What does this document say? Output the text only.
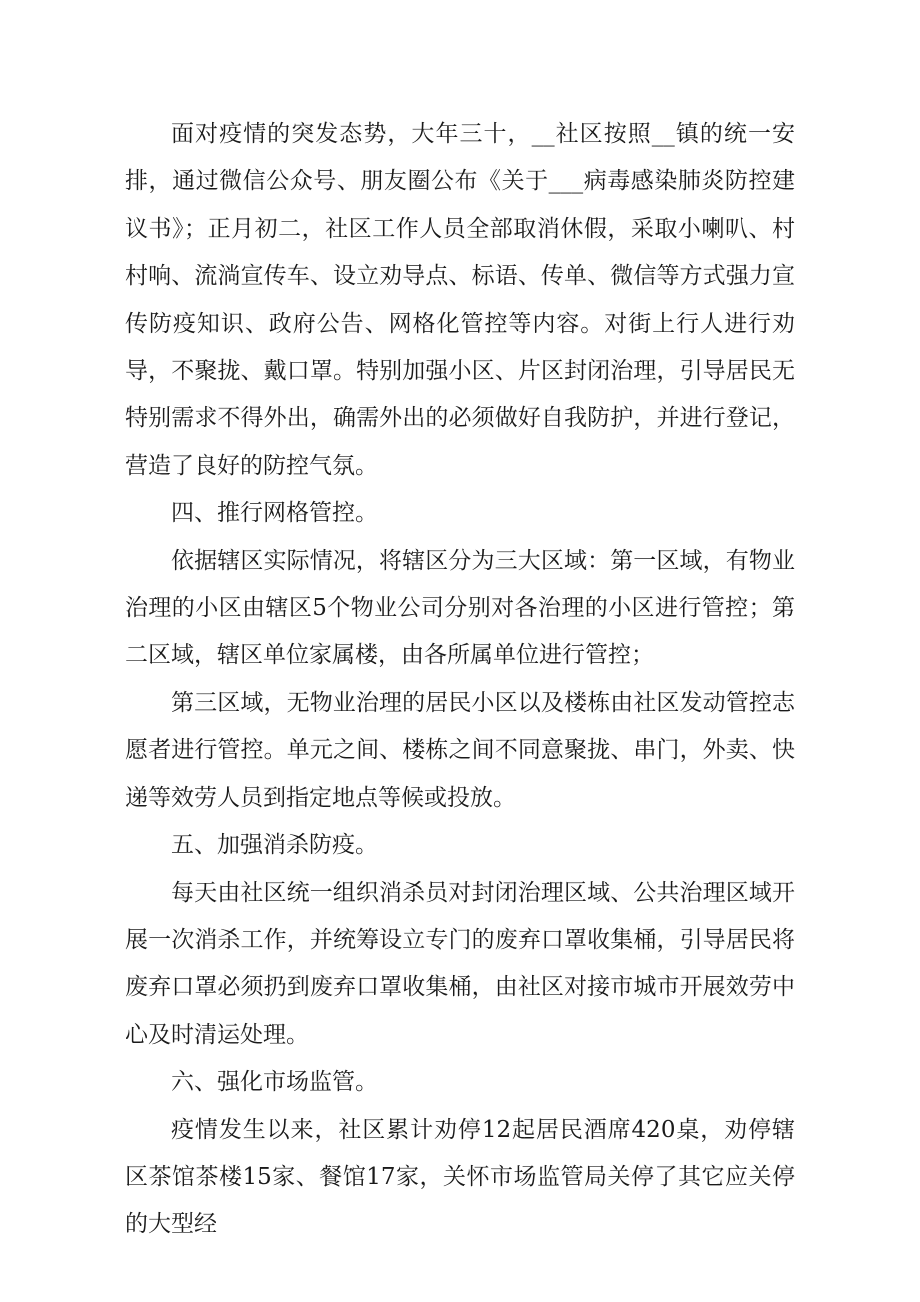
面对疫情的突发态势，大年三十，__社区按照__镇的统一安排，通过微信公众号、朋友圈公布《关于___病毒感染肺炎防控建议书》；正月初二，社区工作人员全部取消休假，采取小喇叭、村村响、流淌宣传车、设立劝导点、标语、传单、微信等方式强力宣传防疫知识、政府公告、网格化管控等内容。对街上行人进行劝导，不聚拢、戴口罩。特别加强小区、片区封闭治理，引导居民无特别需求不得外出，确需外出的必须做好自我防护，并进行登记，营造了良好的防控气氛。

四、推行网格管控。

依据辖区实际情况，将辖区分为三大区域：第一区域，有物业治理的小区由辖区5个物业公司分别对各治理的小区进行管控；第二区域，辖区单位家属楼，由各所属单位进行管控；

第三区域，无物业治理的居民小区以及楼栋由社区发动管控志愿者进行管控。单元之间、楼栋之间不同意聚拢、串门，外卖、快递等效劳人员到指定地点等候或投放。

五、加强消杀防疫。

每天由社区统一组织消杀员对封闭治理区域、公共治理区域开展一次消杀工作，并统筹设立专门的废弃口罩收集桶，引导居民将废弃口罩必须扔到废弃口罩收集桶，由社区对接市城市开展效劳中心及时清运处理。

六、强化市场监管。

疫情发生以来，社区累计劝停12起居民酒席420桌，劝停辖区茶馆茶楼15家、餐馆17家，关怀市场监管局关停了其它应关停的大型经
